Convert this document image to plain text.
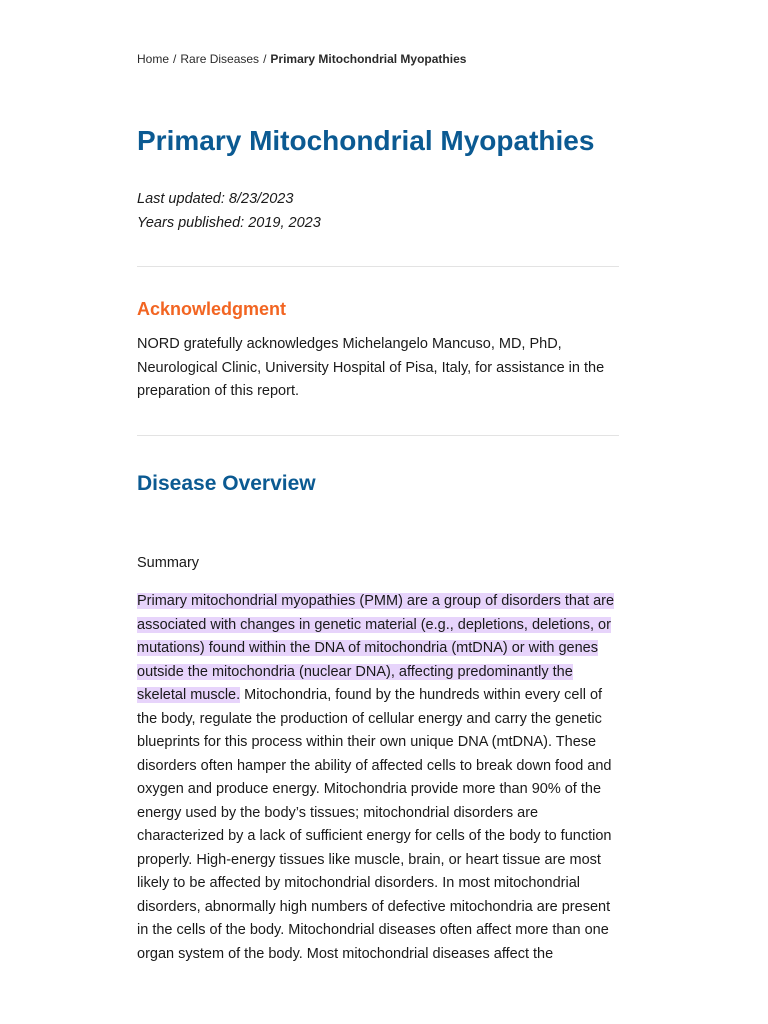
Home / Rare Diseases / Primary Mitochondrial Myopathies
Primary Mitochondrial Myopathies
Last updated: 8/23/2023
Years published: 2019, 2023
Acknowledgment

NORD gratefully acknowledges Michelangelo Mancuso, MD, PhD, Neurological Clinic, University Hospital of Pisa, Italy, for assistance in the preparation of this report.

Disease Overview

Summary

Primary mitochondrial myopathies (PMM) are a group of disorders that are associated with changes in genetic material (e.g., depletions, deletions, or mutations) found within the DNA of mitochondria (mtDNA) or with genes outside the mitochondria (nuclear DNA), affecting predominantly the skeletal muscle. Mitochondria, found by the hundreds within every cell of the body, regulate the production of cellular energy and carry the genetic blueprints for this process within their own unique DNA (mtDNA). These disorders often hamper the ability of affected cells to break down food and oxygen and produce energy. Mitochondria provide more than 90% of the energy used by the body’s tissues; mitochondrial disorders are characterized by a lack of sufficient energy for cells of the body to function properly. High-energy tissues like muscle, brain, or heart tissue are most likely to be affected by mitochondrial disorders. In most mitochondrial disorders, abnormally high numbers of defective mitochondria are present in the cells of the body. Mitochondrial diseases often affect more than one organ system of the body. Most mitochondrial diseases affect the
